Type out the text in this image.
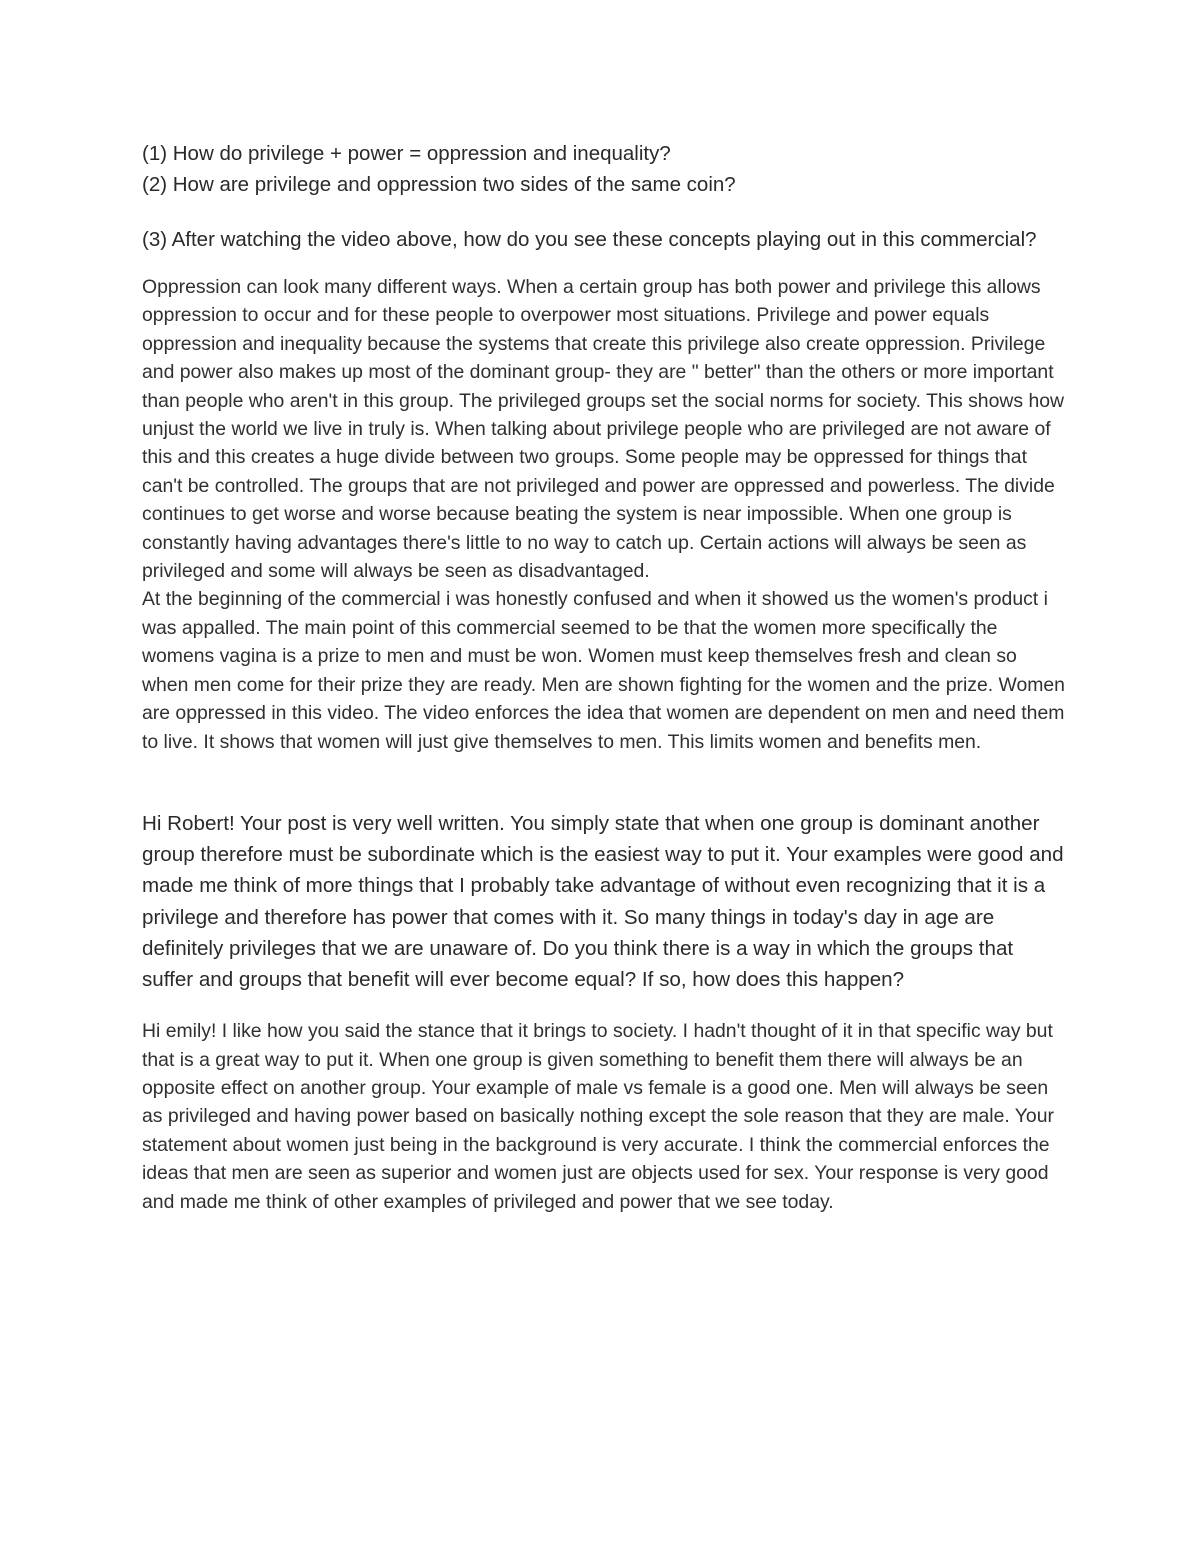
(1) How do privilege + power = oppression and inequality?

(2) How are privilege and oppression two sides of the same coin?

(3) After watching the video above, how do you see these concepts playing out in this commercial?

Oppression can look many different ways. When a certain group has both power and privilege this allows oppression to occur and for these people to overpower most situations. Privilege and power equals oppression and inequality because the systems that create this privilege also create oppression. Privilege and power also makes up most of the dominant group- they are " better" than the others or more important than people who aren't in this group. The privileged groups set the social norms for society. This shows how unjust the world we live in truly is. When talking about privilege people who are privileged are not aware of this and this creates a huge divide between two groups. Some people may be oppressed for things that can't be controlled. The groups that are not privileged and power are oppressed and powerless. The divide continues to get worse and worse because beating the system is near impossible. When one group is constantly having advantages there's little to no way to catch up. Certain actions will always be seen as privileged and some will always be seen as disadvantaged.

At the beginning of the commercial i was honestly confused and when it showed us the women's product i was appalled. The main point of this commercial seemed to be that the women more specifically the womens vagina is a prize to men and must be won. Women must keep themselves fresh and clean so when men come for their prize they are ready. Men are shown fighting for the women and the prize. Women are oppressed in this video. The video enforces the idea that women are dependent on men and need them to live. It shows that women will just give themselves to men. This limits women and benefits men.

Hi Robert! Your post is very well written. You simply state that when one group is dominant another group therefore must be subordinate which is the easiest way to put it. Your examples were good and made me think of more things that I probably take advantage of without even recognizing that it is a privilege and therefore has power that comes with it. So many things in today's day in age are definitely privileges that we are unaware of. Do you think there is a way in which the groups that suffer and groups that benefit will ever become equal? If so, how does this happen?

Hi emily! I like how you said the stance that it brings to society. I hadn't thought of it in that specific way but that is a great way to put it. When one group is given something to benefit them there will always be an opposite effect on another group. Your example of male vs female is a good one. Men will always be seen as privileged and having power based on basically nothing except the sole reason that they are male. Your statement about women just being in the background is very accurate. I think the commercial enforces the ideas that men are seen as superior and women just are objects used for sex. Your response is very good and made me think of other examples of privileged and power that we see today.
